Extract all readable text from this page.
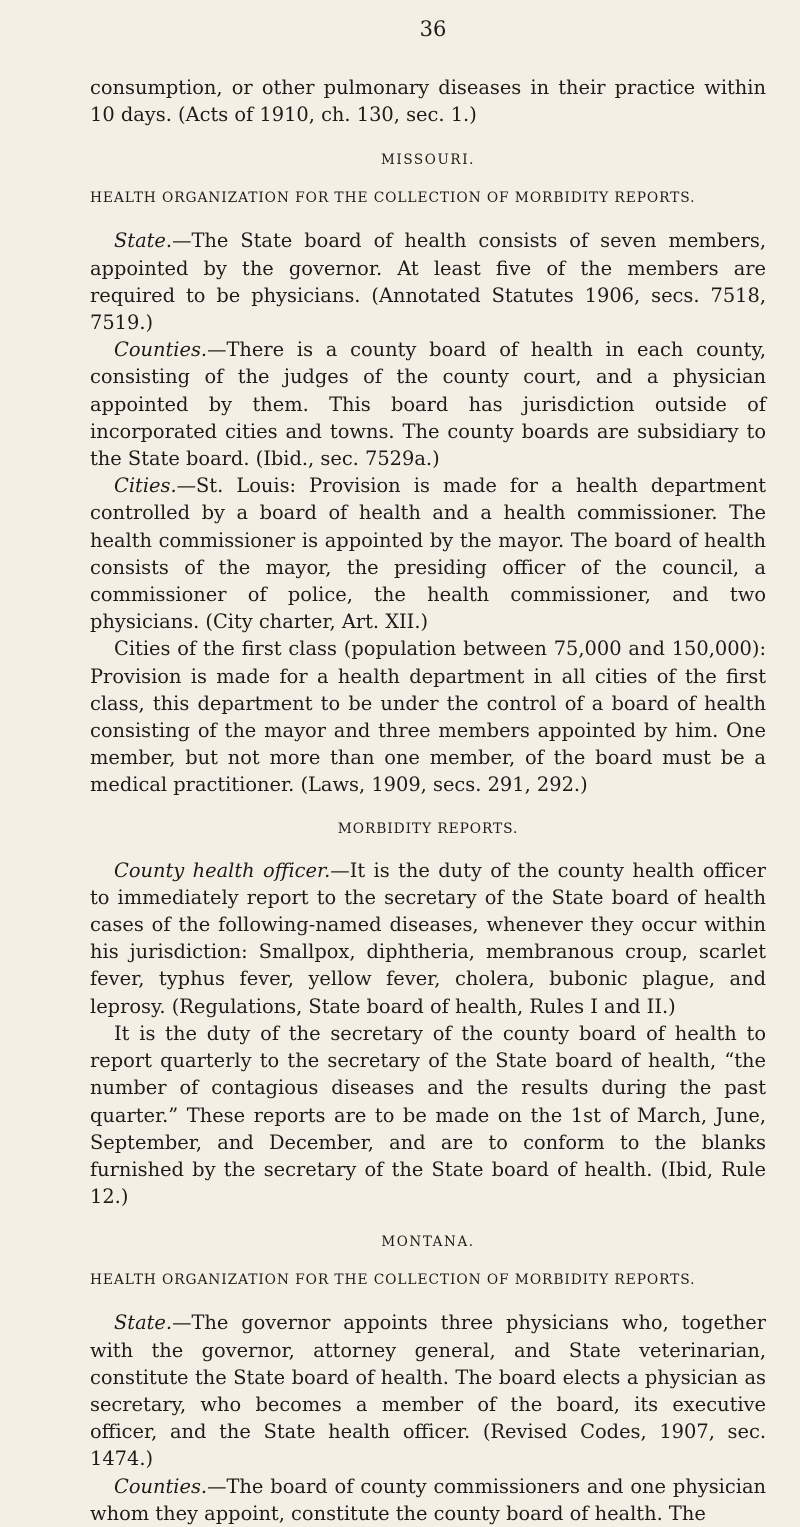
36

consumption, or other pulmonary diseases in their practice within 10 days. (Acts of 1910, ch. 130, sec. 1.)

MISSOURI.
HEALTH ORGANIZATION FOR THE COLLECTION OF MORBIDITY REPORTS.

State.—The State board of health consists of seven members, appointed by the governor. At least five of the members are required to be physicians. (Annotated Statutes 1906, secs. 7518, 7519.)

Counties.—There is a county board of health in each county, consisting of the judges of the county court, and a physician appointed by them. This board has jurisdiction outside of incorporated cities and towns. The county boards are subsidiary to the State board. (Ibid., sec. 7529a.)

Cities.—St. Louis: Provision is made for a health department controlled by a board of health and a health commissioner. The health commissioner is appointed by the mayor. The board of health consists of the mayor, the presiding officer of the council, a commissioner of police, the health commissioner, and two physicians. (City charter, Art. XII.)

Cities of the first class (population between 75,000 and 150,000): Provision is made for a health department in all cities of the first class, this department to be under the control of a board of health consisting of the mayor and three members appointed by him. One member, but not more than one member, of the board must be a medical practitioner. (Laws, 1909, secs. 291, 292.)

MORBIDITY REPORTS.

County health officer.—It is the duty of the county health officer to immediately report to the secretary of the State board of health cases of the following-named diseases, whenever they occur within his jurisdiction: Smallpox, diphtheria, membranous croup, scarlet fever, typhus fever, yellow fever, cholera, bubonic plague, and leprosy. (Regulations, State board of health, Rules I and II.)

It is the duty of the secretary of the county board of health to report quarterly to the secretary of the State board of health, “the number of contagious diseases and the results during the past quarter.” These reports are to be made on the 1st of March, June, September, and December, and are to conform to the blanks furnished by the secretary of the State board of health. (Ibid, Rule 12.)

MONTANA.
HEALTH ORGANIZATION FOR THE COLLECTION OF MORBIDITY REPORTS.

State.—The governor appoints three physicians who, together with the governor, attorney general, and State veterinarian, constitute the State board of health. The board elects a physician as secretary, who becomes a member of the board, its executive officer, and the State health officer. (Revised Codes, 1907, sec. 1474.)

Counties.—The board of county commissioners and one physician whom they appoint, constitute the county board of health. The
